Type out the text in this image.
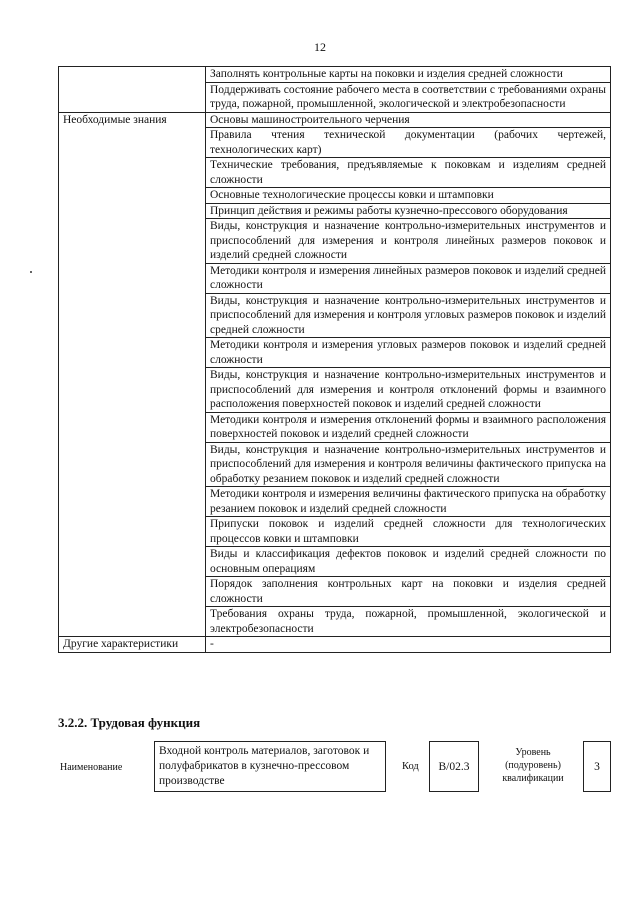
12
	Заполнять контрольные карты на поковки и изделия средней сложности
	Поддерживать состояние рабочего места в соответствии с требованиями охраны труда, пожарной, промышленной, экологической и электробезопасности
Необходимые знания	Основы машиностроительного черчения
	Правила чтения технической документации (рабочих чертежей, технологических карт)
	Технические требования, предъявляемые к поковкам и изделиям средней сложности
	Основные технологические процессы ковки и штамповки
	Принцип действия и режимы работы кузнечно-прессового оборудования
	Виды, конструкция и назначение контрольно-измерительных инструментов и приспособлений для измерения и контроля линейных размеров поковок и изделий средней сложности
	Методики контроля и измерения линейных размеров поковок и изделий средней сложности
	Виды, конструкция и назначение контрольно-измерительных инструментов и приспособлений для измерения и контроля угловых размеров поковок и изделий средней сложности
	Методики контроля и измерения угловых размеров поковок и изделий средней сложности
	Виды, конструкция и назначение контрольно-измерительных инструментов и приспособлений для измерения и контроля отклонений формы и взаимного расположения поверхностей поковок и изделий средней сложности
	Методики контроля и измерения отклонений формы и взаимного расположения поверхностей поковок и изделий средней сложности
	Виды, конструкция и назначение контрольно-измерительных инструментов и приспособлений для измерения и контроля величины фактического припуска на обработку резанием поковок и изделий средней сложности
	Методики контроля и измерения величины фактического припуска на обработку резанием поковок и изделий средней сложности
	Припуски поковок и изделий средней сложности для технологических процессов ковки и штамповки
	Виды и классификация дефектов поковок и изделий средней сложности по основным операциям
	Порядок заполнения контрольных карт на поковки и изделия средней сложности
	Требования охраны труда, пожарной, промышленной, экологической и электробезопасности
Другие характеристики	-
3.2.2. Трудовая функция
Наименование
Входной контроль материалов, заготовок и полуфабрикатов в кузнечно-прессовом производстве
Код	B/02.3
Уровень (подуровень) квалификации
3
